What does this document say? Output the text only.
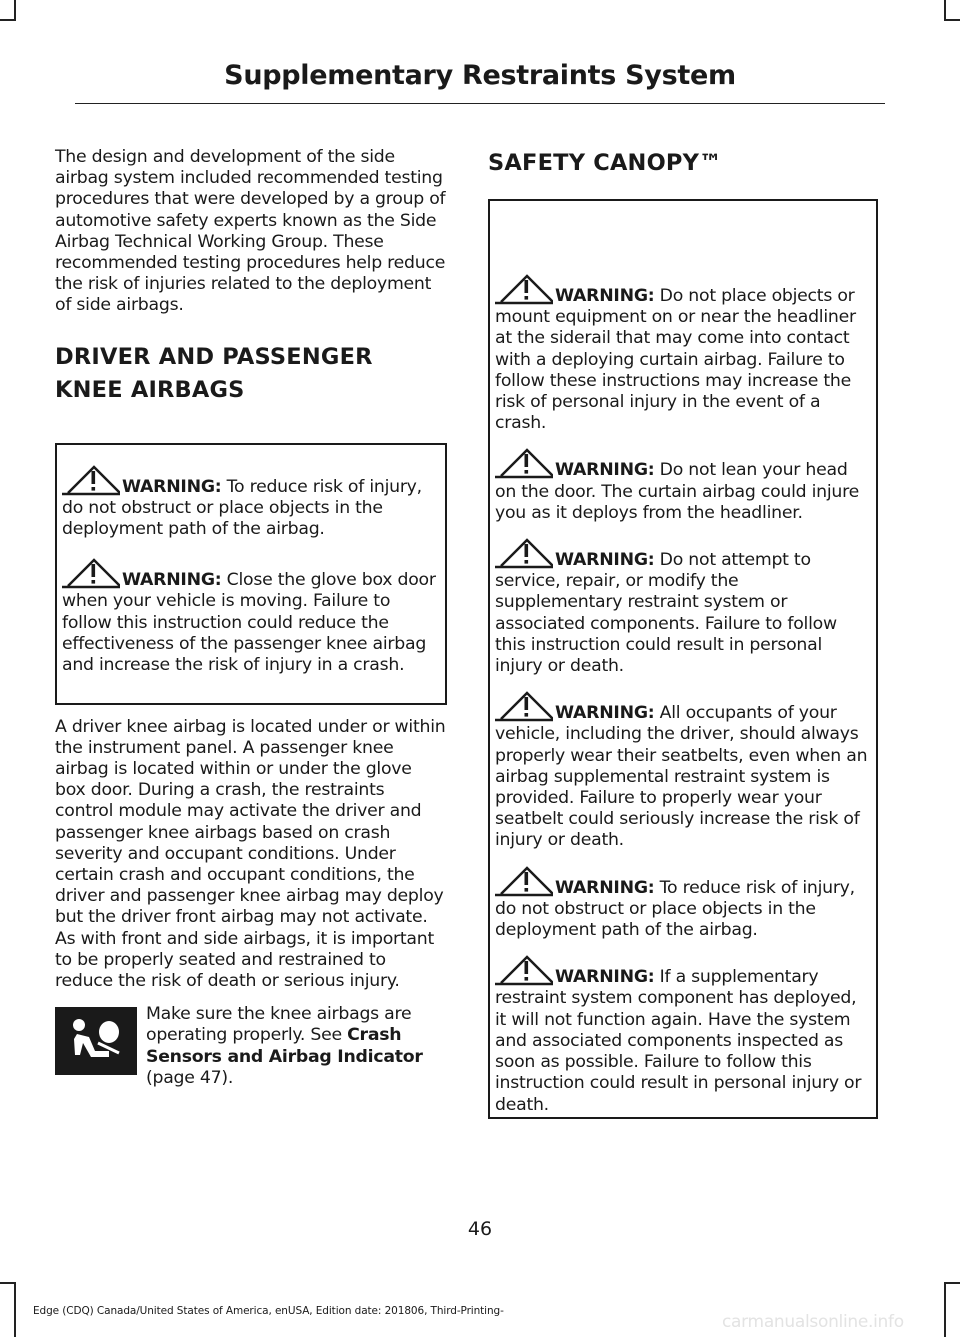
Supplementary Restraints System

The design and development of the side airbag system included recommended testing procedures that were developed by a group of automotive safety experts known as the Side Airbag Technical Working Group. These recommended testing procedures help reduce the risk of injuries related to the deployment of side airbags.

DRIVER AND PASSENGER
KNEE AIRBAGS

WARNING: To reduce risk of injury, do not obstruct or place objects in the deployment path of the airbag.

WARNING: Close the glove box door when your vehicle is moving. Failure to follow this instruction could reduce the effectiveness of the passenger knee airbag and increase the risk of injury in a crash.

A driver knee airbag is located under or within the instrument panel. A passenger knee airbag is located within or under the glove box door. During a crash, the restraints control module may activate the driver and passenger knee airbags based on crash severity and occupant conditions. Under certain crash and occupant conditions, the driver and passenger knee airbag may deploy but the driver front airbag may not activate. As with front and side airbags, it is important to be properly seated and restrained to reduce the risk of death or serious injury.

Make sure the knee airbags are operating properly. See Crash Sensors and Airbag Indicator (page 47).

SAFETY CANOPY™

WARNING: Do not place objects or mount equipment on or near the headliner at the siderail that may come into contact with a deploying curtain airbag. Failure to follow these instructions may increase the risk of personal injury in the event of a crash.

WARNING: Do not lean your head on the door. The curtain airbag could injure you as it deploys from the headliner.

WARNING: Do not attempt to service, repair, or modify the supplementary restraint system or associated components. Failure to follow this instruction could result in personal injury or death.

WARNING: All occupants of your vehicle, including the driver, should always properly wear their seatbelts, even when an airbag supplemental restraint system is provided. Failure to properly wear your seatbelt could seriously increase the risk of injury or death.

WARNING: To reduce risk of injury, do not obstruct or place objects in the deployment path of the airbag.

WARNING: If a supplementary restraint system component has deployed, it will not function again. Have the system and associated components inspected as soon as possible. Failure to follow this instruction could result in personal injury or death.

46
Edge (CDQ) Canada/United States of America, enUSA, Edition date: 201806, Third-Printing-
carmanualsonline.info
